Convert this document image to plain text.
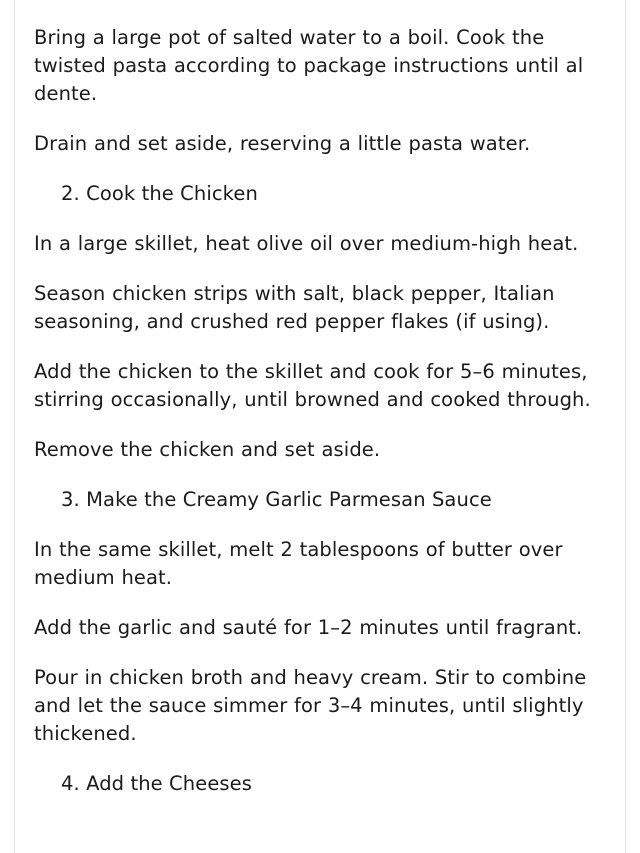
Bring a large pot of salted water to a boil. Cook the twisted pasta according to package instructions until al dente.

Drain and set aside, reserving a little pasta water.

2. Cook the Chicken

In a large skillet, heat olive oil over medium-high heat.

Season chicken strips with salt, black pepper, Italian seasoning, and crushed red pepper flakes (if using).

Add the chicken to the skillet and cook for 5–6 minutes, stirring occasionally, until browned and cooked through.

Remove the chicken and set aside.

3. Make the Creamy Garlic Parmesan Sauce

In the same skillet, melt 2 tablespoons of butter over medium heat.

Add the garlic and sauté for 1–2 minutes until fragrant.

Pour in chicken broth and heavy cream. Stir to combine and let the sauce simmer for 3–4 minutes, until slightly thickened.

4. Add the Cheeses
